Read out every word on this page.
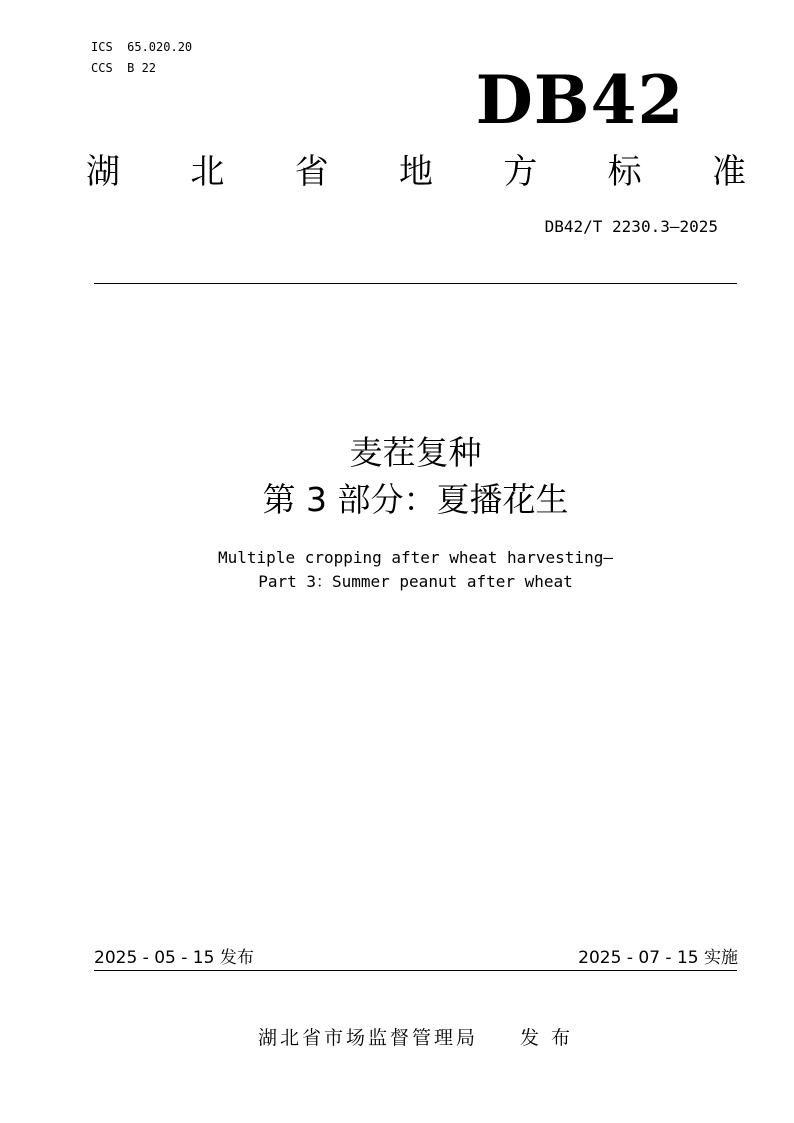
ICS  65.020.20
CCS  B 22	DB42
湖 北 省 地 方 标 准
DB42/T 2230.3—2025
麦茬复种
第 3 部分：夏播花生
Multiple cropping after wheat harvesting—
Part 3：Summer peanut after wheat
2025 - 05 - 15 发布	2025 - 07 - 15 实施
湖北省市场监督管理局 发 布
